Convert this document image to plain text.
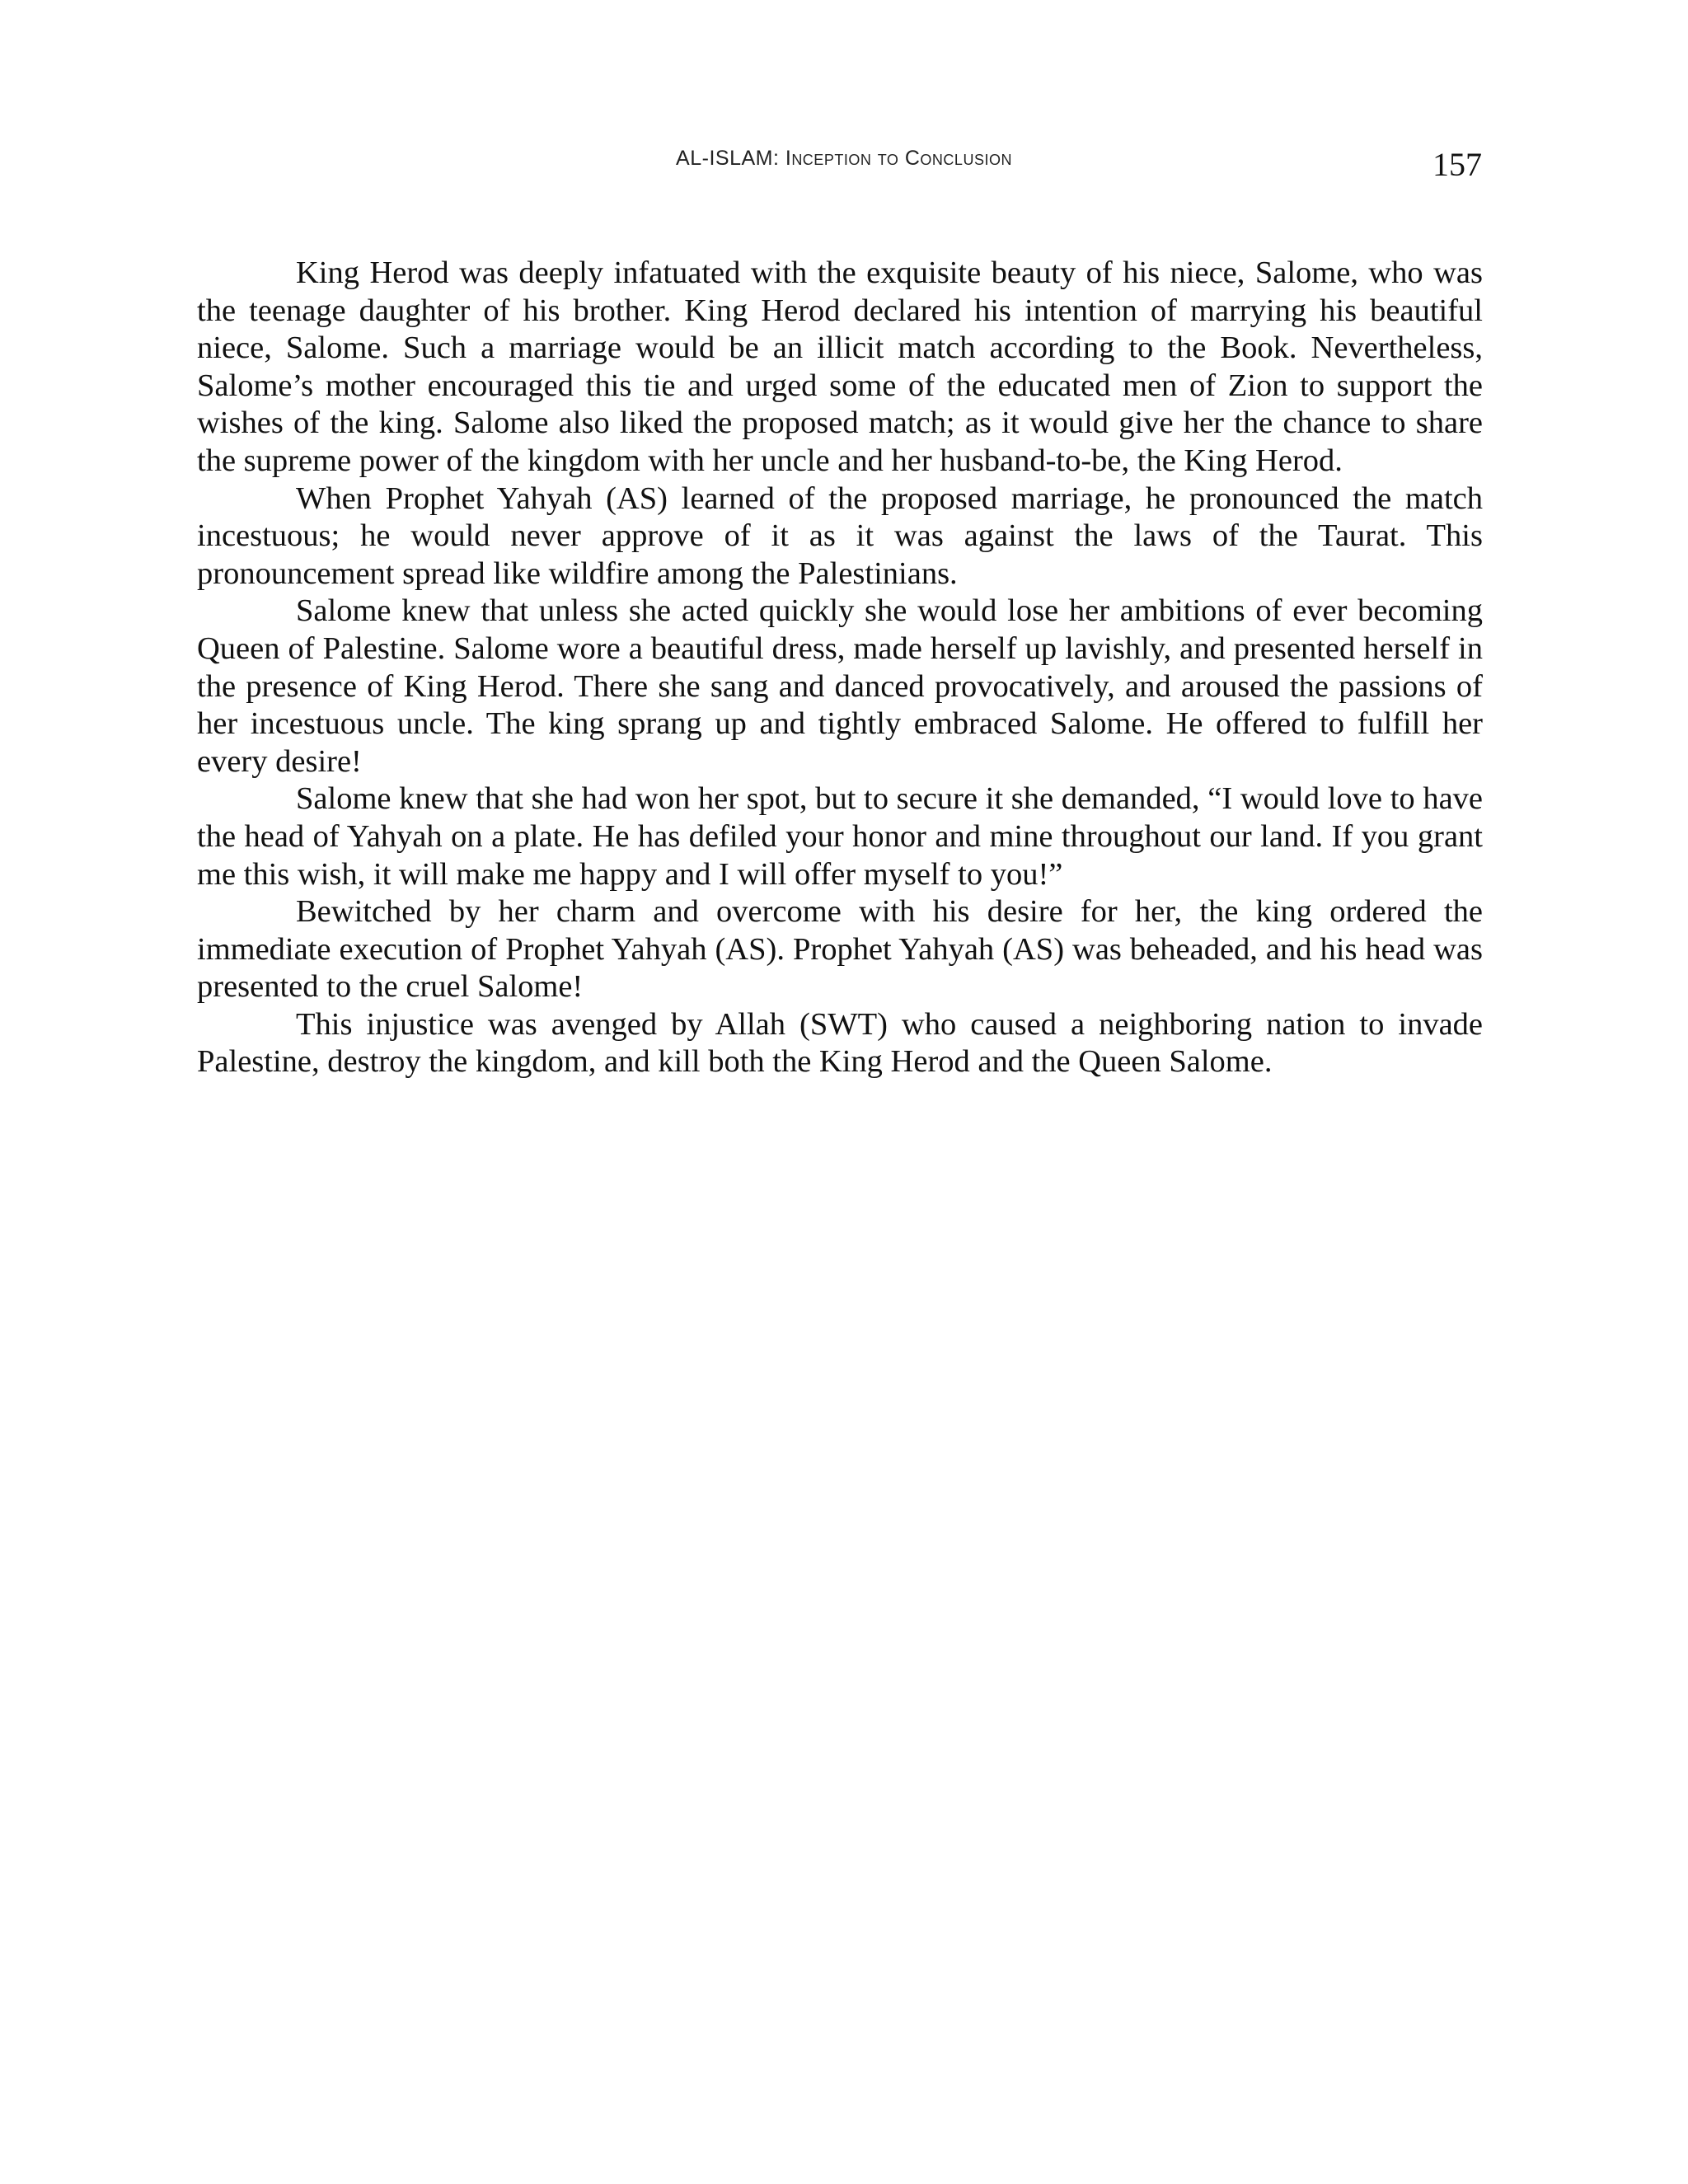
AL-ISLAM: Inception to Conclusion	157

King Herod was deeply infatuated with the exquisite beauty of his niece, Salome, who was the teenage daughter of his brother. King Herod declared his intention of marrying his beautiful niece, Salome. Such a marriage would be an illicit match according to the Book. Nevertheless, Salome’s mother encouraged this tie and urged some of the educated men of Zion to support the wishes of the king. Salome also liked the proposed match; as it would give her the chance to share the supreme power of the kingdom with her uncle and her husband-to-be, the King Herod.

When Prophet Yahyah (AS) learned of the proposed marriage, he pronounced the match incestuous; he would never approve of it as it was against the laws of the Taurat. This pronouncement spread like wildfire among the Palestinians.

Salome knew that unless she acted quickly she would lose her ambitions of ever becoming Queen of Palestine. Salome wore a beautiful dress, made herself up lavishly, and presented herself in the presence of King Herod. There she sang and danced provocatively, and aroused the passions of her incestuous uncle. The king sprang up and tightly embraced Salome. He offered to fulfill her every desire!

Salome knew that she had won her spot, but to secure it she demanded, “I would love to have the head of Yahyah on a plate. He has defiled your honor and mine throughout our land. If you grant me this wish, it will make me happy and I will offer myself to you!”

Bewitched by her charm and overcome with his desire for her, the king ordered the immediate execution of Prophet Yahyah (AS). Prophet Yahyah (AS) was beheaded, and his head was presented to the cruel Salome!

This injustice was avenged by Allah (SWT) who caused a neighboring nation to invade Palestine, destroy the kingdom, and kill both the King Herod and the Queen Salome.
